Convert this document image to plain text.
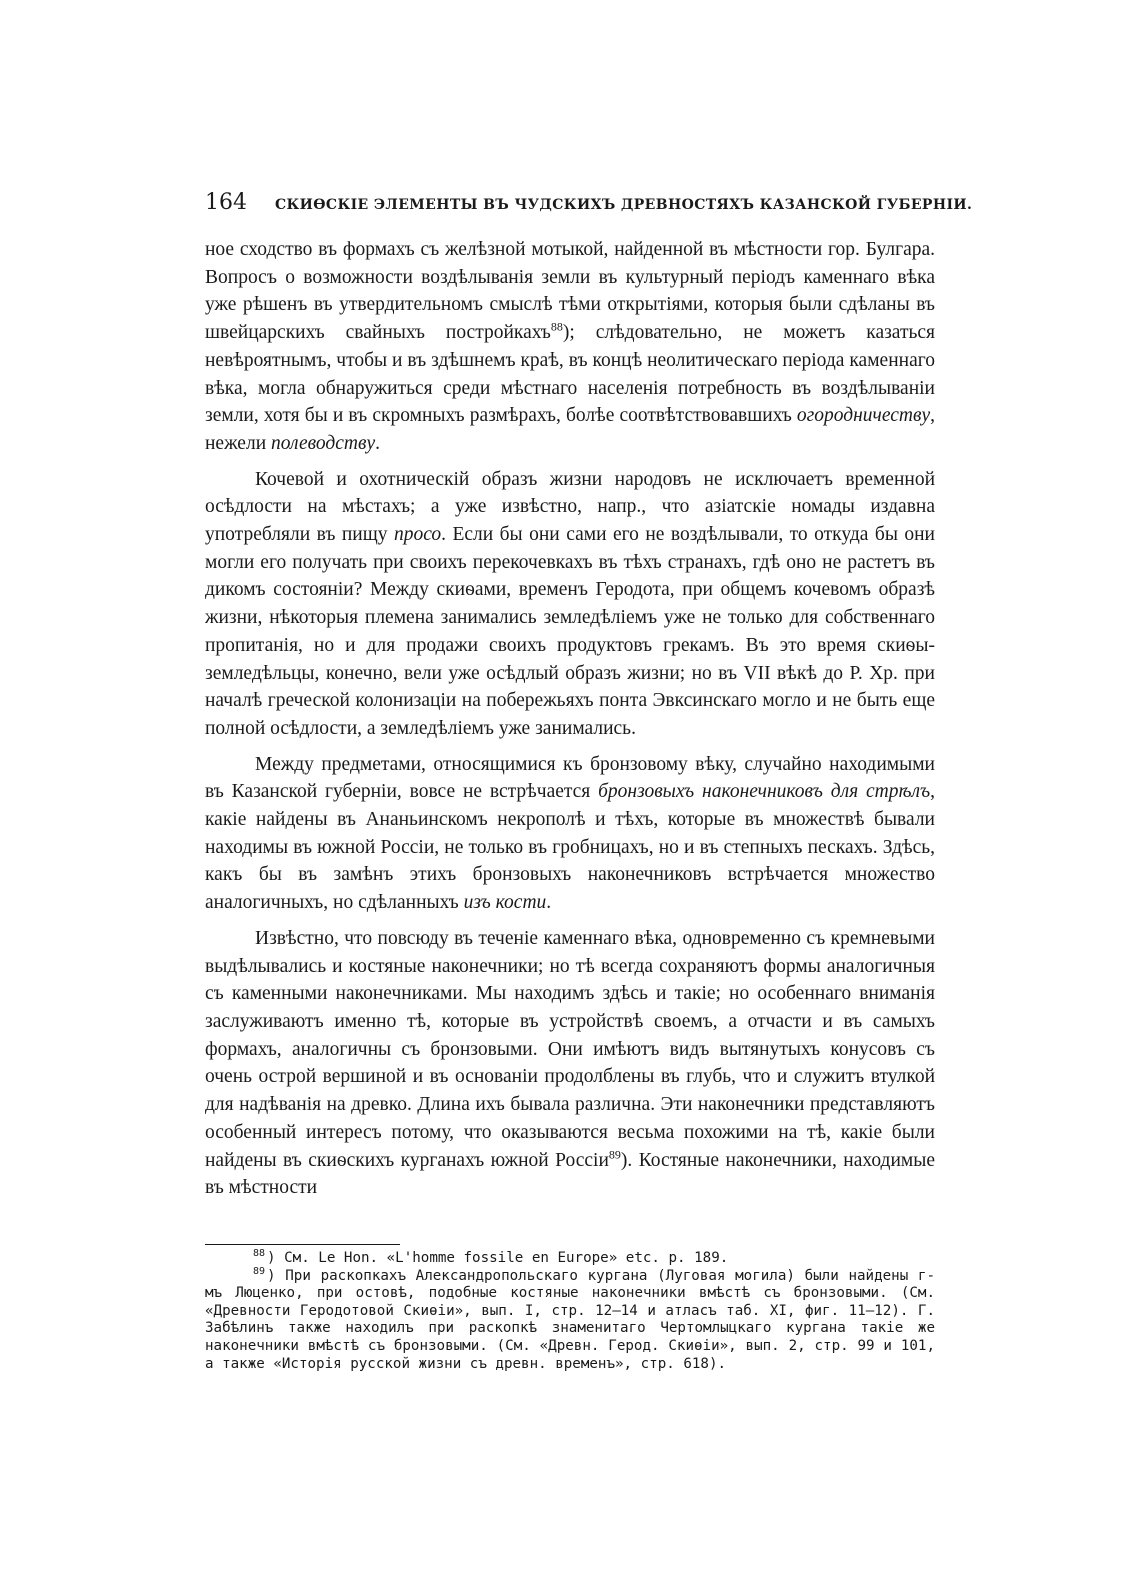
164 СКИѲСКІЕ ЭЛЕМЕНТЫ ВЪ ЧУДСКИХЪ ДРЕВНОСТЯХЪ КАЗАНСКОЙ ГУБЕРНІИ.

ное сходство въ формахъ съ желѣзной мотыкой, найденной въ мѣстности гор. Булгара. Вопросъ о возможности воздѣлыванія земли въ культурный періодъ каменнаго вѣка уже рѣшенъ въ утвердительномъ смыслѣ тѣми открытіями, которыя были сдѣланы въ швейцарскихъ свайныхъ постройкахъ$^{88}$); слѣдовательно, не можетъ казаться невѣроятнымъ, чтобы и въ здѣшнемъ краѣ, въ концѣ неолитическаго періода каменнаго вѣка, могла обнаружиться среди мѣстнаго населенія потребность въ воздѣлываніи земли, хотя бы и въ скромныхъ размѣрахъ, болѣе соотвѣтствовавшихъ огородничеству, нежели полеводству.

Кочевой и охотническій образъ жизни народовъ не исключаетъ временной осѣдлости на мѣстахъ; а уже извѣстно, напр., что азіатскіе номады издавна употребляли въ пищу просо. Если бы они сами его не воздѣлывали, то откуда бы они могли его получать при своихъ перекочевкахъ въ тѣхъ странахъ, гдѣ оно не растетъ въ дикомъ состояніи? Между скиѳами, временъ Геродота, при общемъ кочевомъ образѣ жизни, нѣкоторыя племена занимались земледѣліемъ уже не только для собственнаго пропитанія, но и для продажи своихъ продуктовъ грекамъ. Въ это время скиѳы-земледѣльцы, конечно, вели уже осѣдлый образъ жизни; но въ VII вѣкѣ до Р. Хр. при началѣ греческой колонизаціи на побережьяхъ понта Эвксинскаго могло и не быть еще полной осѣдлости, а земледѣліемъ уже занимались.

Между предметами, относящимися къ бронзовому вѣку, случайно находимыми въ Казанской губерніи, вовсе не встрѣчается бронзовыхъ наконечниковъ для стрѣлъ, какіе найдены въ Ананьинскомъ некрополѣ и тѣхъ, которые въ множествѣ бывали находимы въ южной Россіи, не только въ гробницахъ, но и въ степныхъ пескахъ. Здѣсь, какъ бы въ замѣнъ этихъ бронзовыхъ наконечниковъ встрѣчается множество аналогичныхъ, но сдѣланныхъ изъ кости.

Извѣстно, что повсюду въ теченіе каменнаго вѣка, одновременно съ кремневыми выдѣлывались и костяные наконечники; но тѣ всегда сохраняютъ формы аналогичныя съ каменными наконечниками. Мы находимъ здѣсь и такіе; но особеннаго вниманія заслуживаютъ именно тѣ, которые въ устройствѣ своемъ, а отчасти и въ самыхъ формахъ, аналогичны съ бронзовыми. Они имѣютъ видъ вытянутыхъ конусовъ съ очень острой вершиной и въ основаніи продолблены въ глубь, что и служитъ втулкой для надѣванія на древко. Длина ихъ бывала различна. Эти наконечники представляютъ особенный интересъ потому, что оказываются весьма похожими на тѣ, какіе были найдены въ скиѳскихъ курганахъ южной Россіи$^{89}$). Костяные наконечники, находимые въ мѣстности

$^{88}$ ) См. Le Hon. «L'homme fossile en Europe» etc. p. 189.

$^{89}$ ) При раскопкахъ Александропольскаго кургана (Луговая могила) были найдены г-мъ Люценко, при остовѣ, подобные костяные наконечники вмѣстѣ съ бронзовыми. (См. «Древности Геродотовой Скиѳіи», вып. I, стр. 12—14 и атласъ таб. XI, фиг. 11—12). Г. Забѣлинъ также находилъ при раскопкѣ знаменитаго Чертомлыцкаго кургана такіе же наконечники вмѣстѣ съ бронзовыми. (См. «Древн. Герод. Скиѳіи», вып. 2, стр. 99 и 101, а также «Исторія русской жизни съ древн. временъ», стр. 618).
